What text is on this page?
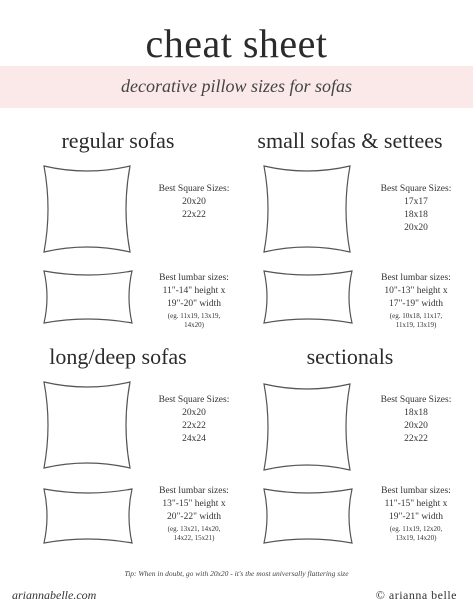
cheat sheet
decorative pillow sizes for sofas
regular sofas	small sofas & settees
long/deep sofas	sectionals
Best Square Sizes:
20x20
22x22
Best Square Sizes:
17x17
18x18
20x20
Best Square Sizes:
20x20
22x22
24x24
Best Square Sizes:
18x18
20x20
22x22
Best lumbar sizes:
11"-14" height x
19"-20" width
(eg. 11x19, 13x19,
14x20)
Best lumbar sizes:
10"-13" height x
17"-19" width
(eg. 10x18, 11x17,
11x19, 13x19)
Best lumbar sizes:
13"-15" height x
20"-22" width
(eg. 13x21, 14x20,
14x22, 15x21)
Best lumbar sizes:
11"-15" height x
19"-21" width
(eg. 11x19, 12x20,
13x19, 14x20)
Tip: When in doubt, go with 20x20 - it's the most universally flattering size
ariannabelle.com	© arianna belle
